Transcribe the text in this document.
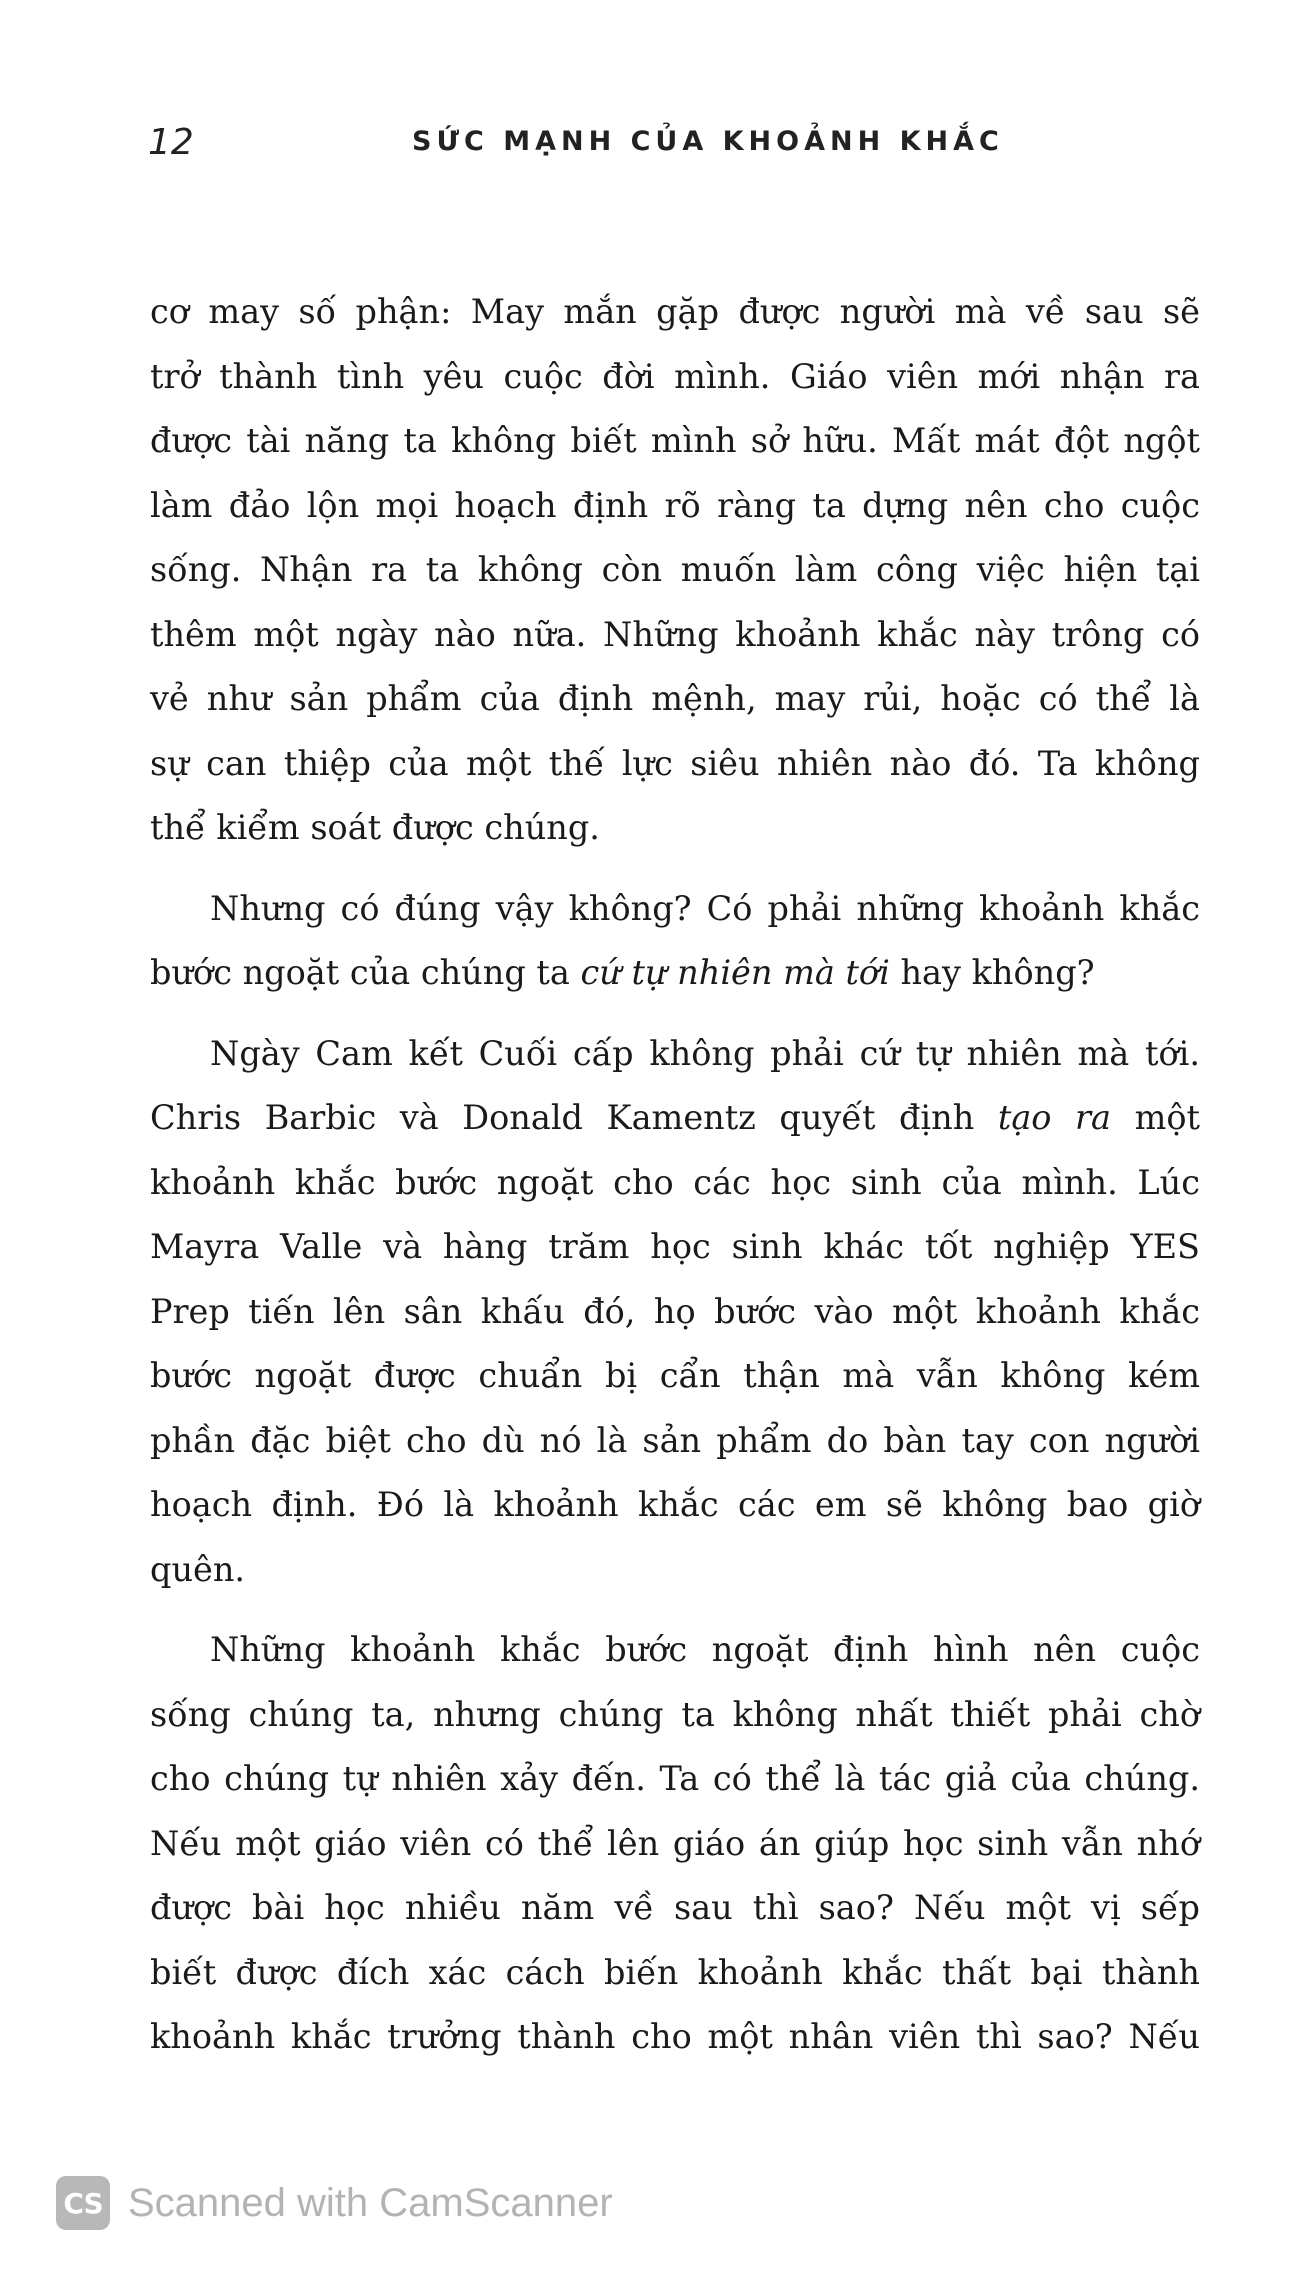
12	SỨC MẠNH CỦA KHOẢNH KHẮC
cơ may số phận: May mắn gặp được người mà về sau sẽ
trở thành tình yêu cuộc đời mình. Giáo viên mới nhận ra
được tài năng ta không biết mình sở hữu. Mất mát đột ngột
làm đảo lộn mọi hoạch định rõ ràng ta dựng nên cho cuộc
sống. Nhận ra ta không còn muốn làm công việc hiện tại
thêm một ngày nào nữa. Những khoảnh khắc này trông có
vẻ như sản phẩm của định mệnh, may rủi, hoặc có thể là
sự can thiệp của một thế lực siêu nhiên nào đó. Ta không
thể kiểm soát được chúng.
Nhưng có đúng vậy không? Có phải những khoảnh khắc
bước ngoặt của chúng ta cứ tự nhiên mà tới hay không?
Ngày Cam kết Cuối cấp không phải cứ tự nhiên mà tới.
Chris Barbic và Donald Kamentz quyết định tạo ra một
khoảnh khắc bước ngoặt cho các học sinh của mình. Lúc
Mayra Valle và hàng trăm học sinh khác tốt nghiệp YES
Prep tiến lên sân khấu đó, họ bước vào một khoảnh khắc
bước ngoặt được chuẩn bị cẩn thận mà vẫn không kém
phần đặc biệt cho dù nó là sản phẩm do bàn tay con người
hoạch định. Đó là khoảnh khắc các em sẽ không bao giờ
quên.
Những khoảnh khắc bước ngoặt định hình nên cuộc
sống chúng ta, nhưng chúng ta không nhất thiết phải chờ
cho chúng tự nhiên xảy đến. Ta có thể là tác giả của chúng.
Nếu một giáo viên có thể lên giáo án giúp học sinh vẫn nhớ
được bài học nhiều năm về sau thì sao? Nếu một vị sếp
biết được đích xác cách biến khoảnh khắc thất bại thành
khoảnh khắc trưởng thành cho một nhân viên thì sao? Nếu
CS Scanned with CamScanner
